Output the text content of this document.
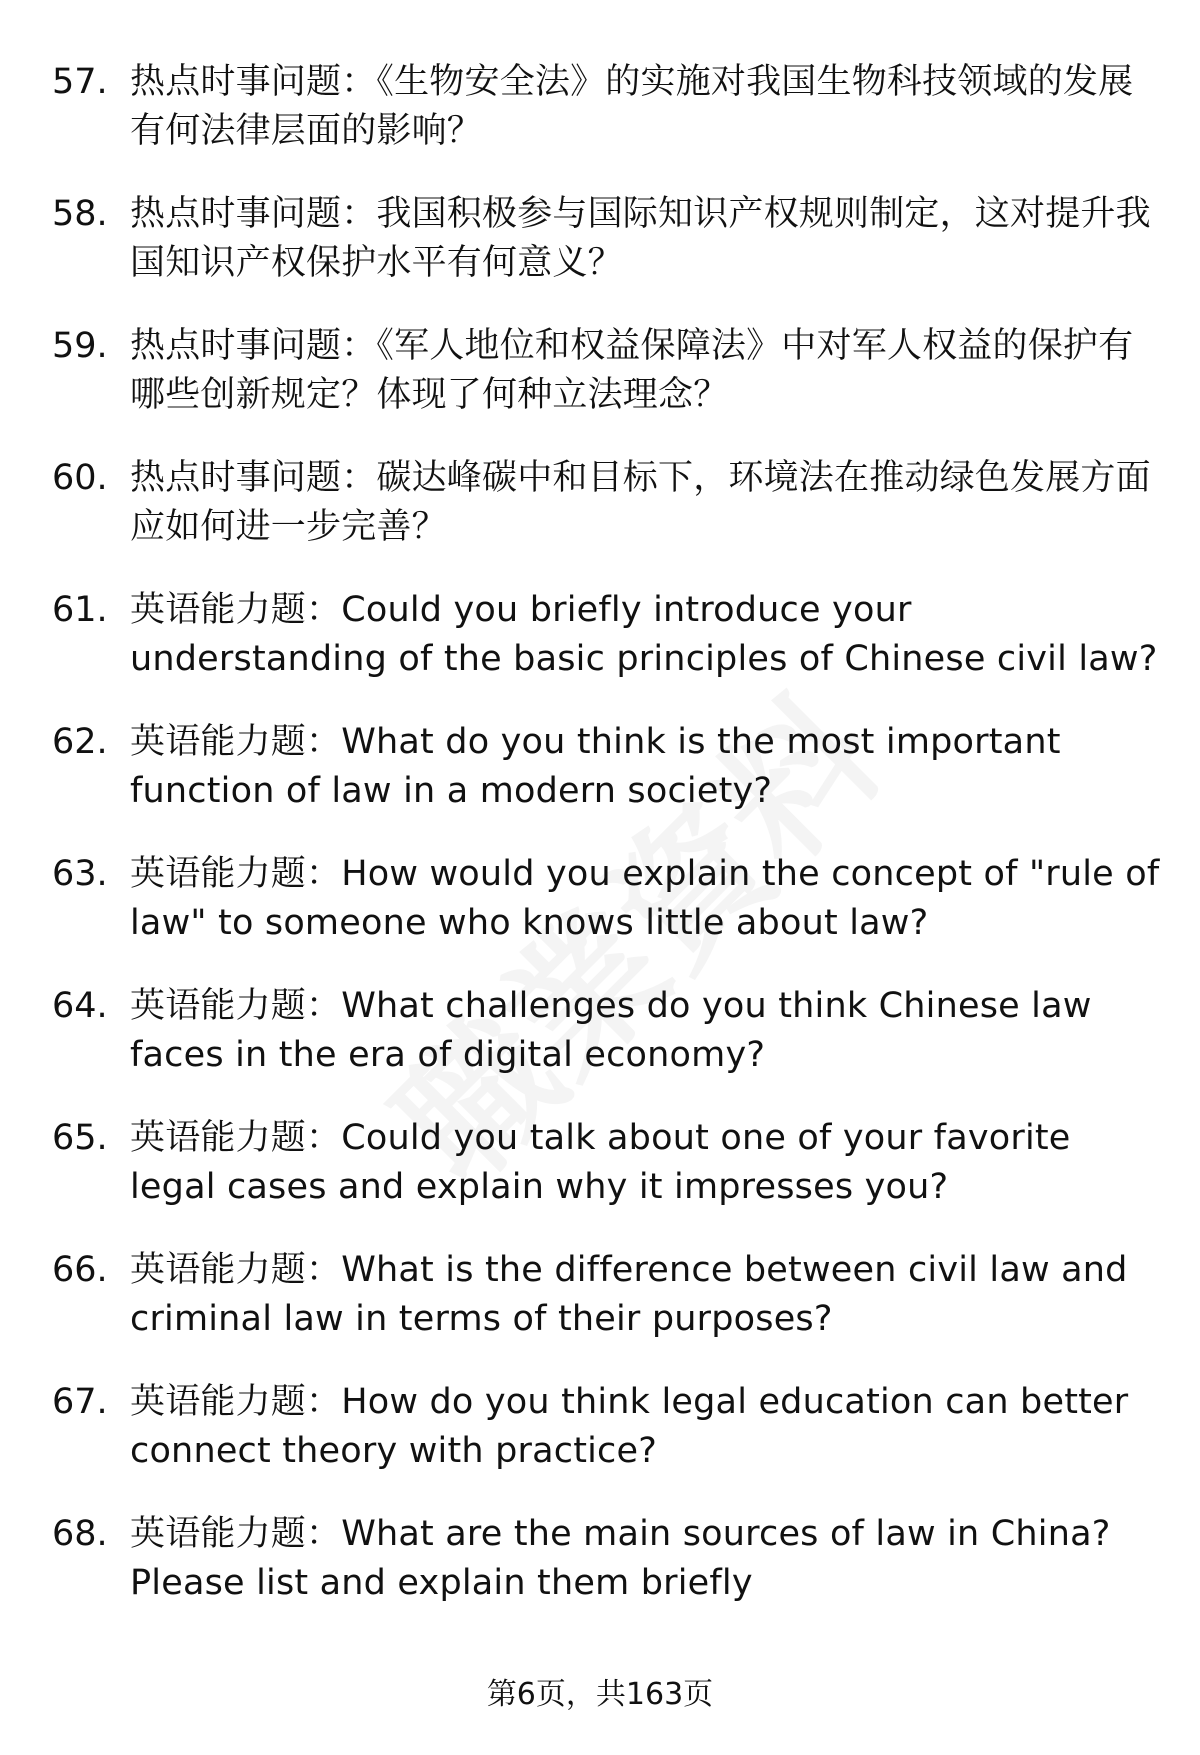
57. 热点时事问题：《生物安全法》的实施对我国生物科技领域的发展有何法律层面的影响？
58. 热点时事问题：我国积极参与国际知识产权规则制定，这对提升我国知识产权保护水平有何意义？
59. 热点时事问题：《军人地位和权益保障法》中对军人权益的保护有哪些创新规定？体现了何种立法理念？
60. 热点时事问题：碳达峰碳中和目标下，环境法在推动绿色发展方面应如何进一步完善？
61. 英语能力题：Could you briefly introduce your understanding of the basic principles of Chinese civil law?
62. 英语能力题：What do you think is the most important function of law in a modern society?
63. 英语能力题：How would you explain the concept of "rule of law" to someone who knows little about law?
64. 英语能力题：What challenges do you think Chinese law faces in the era of digital economy?
65. 英语能力题：Could you talk about one of your favorite legal cases and explain why it impresses you?
66. 英语能力题：What is the difference between civil law and criminal law in terms of their purposes?
67. 英语能力题：How do you think legal education can better connect theory with practice?
68. 英语能力题：What are the main sources of law in China? Please list and explain them briefly
第6页，共163页
